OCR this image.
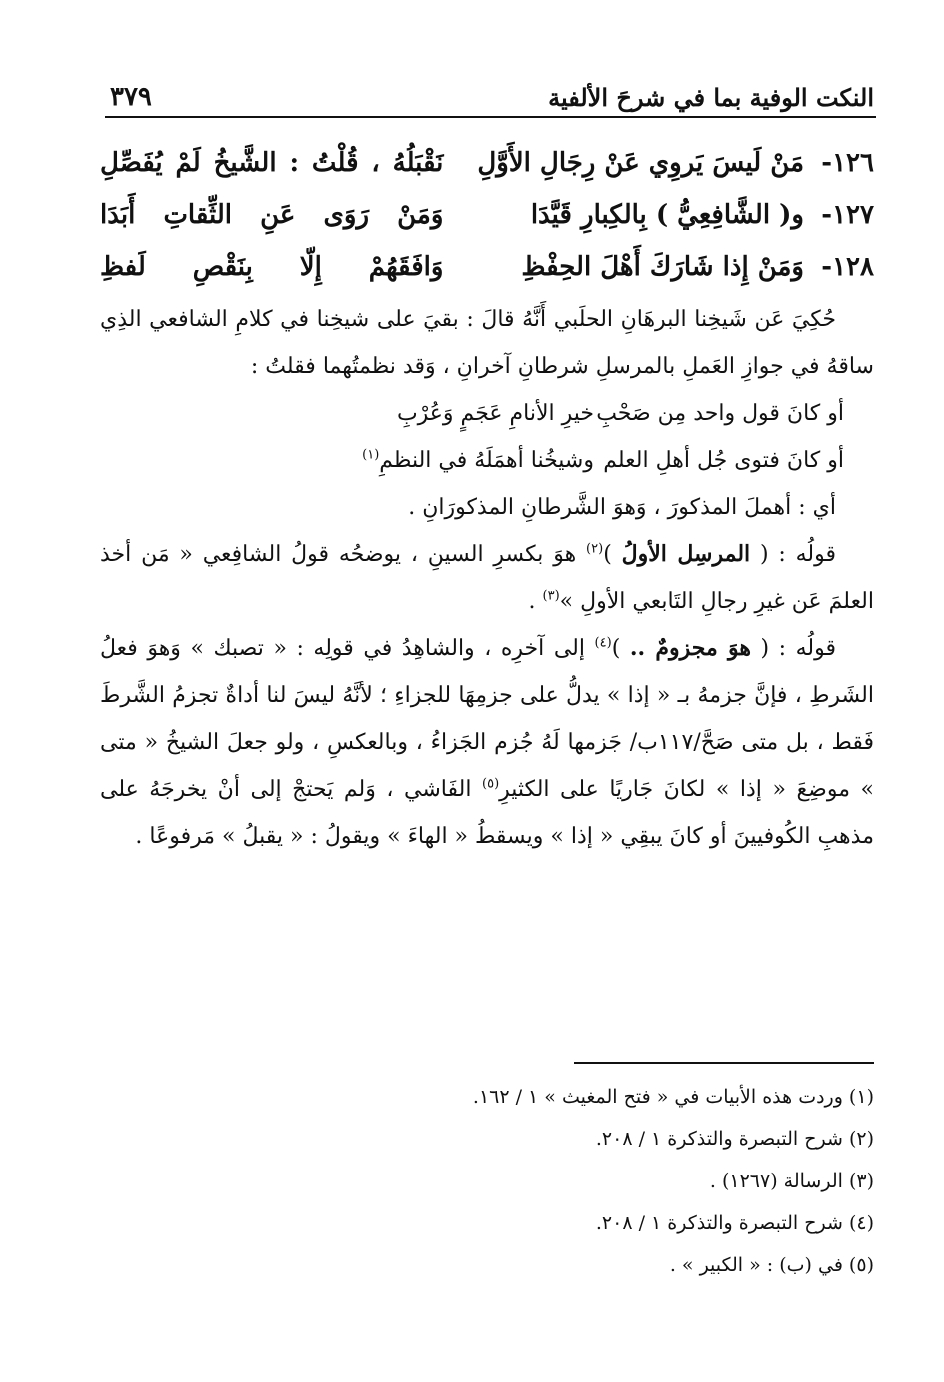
النكت الوفية بما في شرحَ الألفية
٣٧٩
١٢٦-
مَنْ لَيسَ يَروِي عَنْ رِجَالِ الأَوَّلِ
نَقْبَلُهُ ، قُلْتُ : الشَّيخُ لَمْ يُفَصِّلِ
١٢٧-
و( الشَّافِعِيُّ ) بِالكِبارِ قَيَّدَا
وَمَنْ رَوَى عَنِ الثِّقاتِ أَبَدَا
١٢٨-
وَمَنْ إِذا شَارَكَ أَهْلَ الحِفْظِ
وَافَقَهُمْ إِلّا بِنَقْصِ لَفظِ

حُكِيَ عَن شَيخِنا البرهَانِ الحلَبي أَنَّهُ قالَ : بقيَ على شيخِنا في كلامِ الشافعي الذِي ساقهُ في جوازِ العَملِ بالمرسلِ شرطانِ آخرانِ ، وَقد نظمتُهما فقلتُ :

أو كانَ قول واحد مِن صَحْبِ
خيرِ الأنامِ عَجَمٍ وَعُرْبِ
أو كانَ فتوى جُل أهلِ العلم
وشيخُنا أهمَلَهُ في النظمِ$^{(١)}$

أي : أهملَ المذكورَ ، وَهوَ الشَّرطانِ المذكورَانِ .

قولُه : ( المرسِل الأولُ )$^{(٢)}$ هوَ بكسرِ السينِ ، يوضحُه قولُ الشافِعي « مَن أخذ العلمَ عَن غيرِ رجالِ التَابعي الأولِ »$^{(٣)}$ .

قولُه : ( هوَ مجزومٌ .. )$^{(٤)}$ إلى آخرِه ، والشاهِدُ في قولِه : « تصبك » وَهوَ فعلُ الشَرطِ ، فإنَّ جزمهُ بـ « إذا » يدلُّ على جزمِهَا للجزاءِ ؛ لأنَّهُ ليسَ لنا أداةٌ تجزمُ الشَّرطَ فَقط ، بل متى صَحَّ/١١٧ب/ جَزمها لَهُ جُزم الجَزاءُ ، وبالعكسِ ، ولو جعلَ الشيخُ « متى » موضِعَ « إذا » لكانَ جَاريًا على الكثيرِ$^{(٥)}$ الفَاشي ، وَلم يَحتجْ إلى أنْ يخرجَهُ على مذهبِ الكُوفيينَ أو كانَ يبقِي « إذا » ويسقطُ « الهاءَ » ويقولُ : « يقبلُ » مَرفوعًا .

(١) وردت هذه الأبيات في « فتح المغيث » ١ / ١٦٢.
(٢) شرح التبصرة والتذكرة ١ / ٢٠٨.
(٣) الرسالة (١٢٦٧) .
(٤) شرح التبصرة والتذكرة ١ / ٢٠٨.
(٥) في (ب) : « الكبير » .
